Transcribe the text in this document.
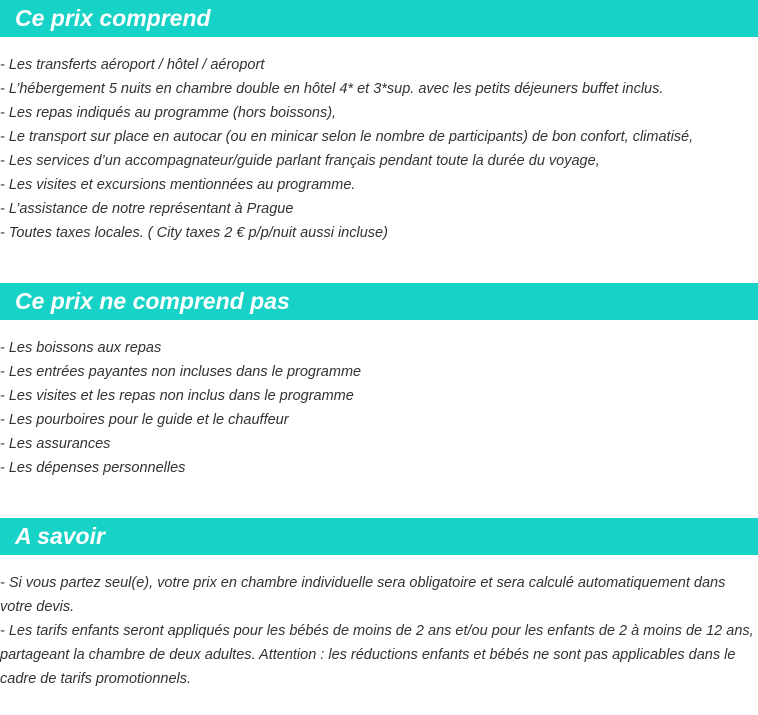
Ce prix comprend
- Les transferts aéroport / hôtel / aéroport
- L’hébergement 5 nuits en chambre double en hôtel 4* et 3*sup. avec les petits déjeuners buffet inclus.
- Les repas indiqués au programme (hors boissons),
- Le transport sur place en autocar (ou en minicar selon le nombre de participants) de bon confort, climatisé,
- Les services d’un accompagnateur/guide parlant français pendant toute la durée du voyage,
- Les visites et excursions mentionnées au programme.
- L’assistance de notre représentant à Prague
- Toutes taxes locales. ( City taxes 2 € p/p/nuit aussi incluse)
Ce prix ne comprend pas
- Les boissons aux repas
- Les entrées payantes non incluses dans le programme
- Les visites et les repas non inclus dans le programme
- Les pourboires pour le guide et le chauffeur
- Les assurances
- Les dépenses personnelles
A savoir
- Si vous partez seul(e), votre prix en chambre individuelle sera obligatoire et sera calculé automatiquement dans votre devis.
- Les tarifs enfants seront appliqués pour les bébés de moins de 2 ans et/ou pour les enfants de 2 à moins de 12 ans, partageant la chambre de deux adultes. Attention : les réductions enfants et bébés ne sont pas applicables dans le cadre de tarifs promotionnels.
